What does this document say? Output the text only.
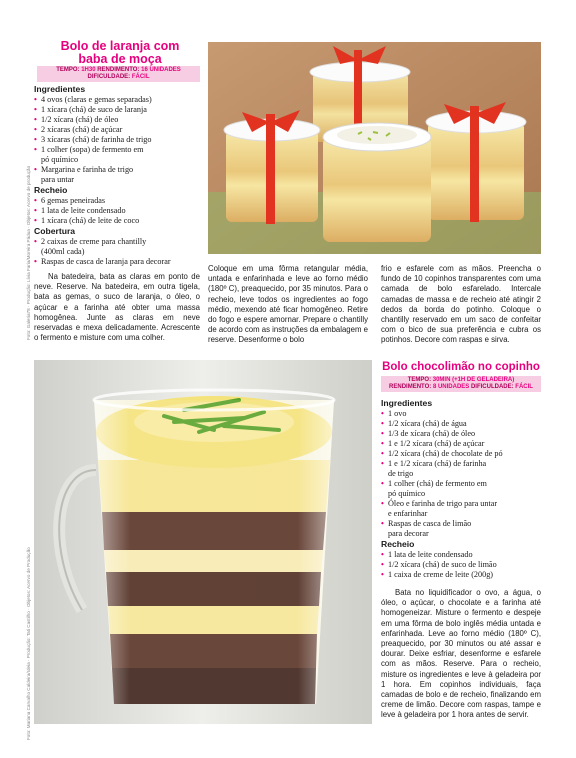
Bolo de laranja com
baba de moça
TEMPO: 1H30 RENDIMENTO: 16 UNIDADES
DIFICULDADE: FÁCIL
Ingredientes
• 4 ovos (claras e gemas separadas)
• 1 xícara (chá) de suco de laranja
• 1/2 xícara (chá) de óleo
• 2 xícaras (chá) de açúcar
• 3 xícaras (chá) de farinha de trigo
• 1 colher (sopa) de fermento em
pó químico
• Margarina e farinha de trigo
para untar
Recheio
• 6 gemas peneiradas
• 1 lata de leite condensado
• 1 xícara (chá) de leite de coco
Cobertura
• 2 caixas de creme para chantilly
(400ml cada)
• Raspas de casca de laranja para decorar
Na batedeira, bata as claras em ponto de neve. Reserve. Na batedeira, em outra tigela, bata as gemas, o suco de laranja, o óleo, o açúcar e a farinha até obter uma massa homogênea. Junte as claras em neve reservadas e mexa delicadamente. Acrescente o fermento e misture com uma colher.
Foto: Galeria78 · Produção: Lívia Faria/Moreira Pádua · Objetos: Acervo de produção	Coloque em uma fôrma retangular média, untada e enfarinhada e leve ao forno médio (180º C), preaquecido, por 35 minutos. Para o recheio, leve todos os ingredientes ao fogo médio, mexendo até ficar homogêneo. Retire do fogo e espere amornar. Prepare o chantilly de acordo com as instruções da embalagem e reserve. Desenforme o bolo
frio e esfarele com as mãos. Preencha o fundo de 10 copinhos transparentes com uma camada de bolo esfarelado. Intercale camadas de massa e de recheio até atingir 2 dedos da borda do potinho. Coloque o chantilly reservado em um saco de confeitar com o bico de sua preferência e cubra os potinhos. Decore com raspas e sirva.
Foto: Mariana Carvalho Caldeira/Ideia · Produção: Tati Castilho · Objetos: Acervo de Produção
Bolo chocolimão no copinho
TEMPO: 30MIN (+1H DE GELADEIRA)
RENDIMENTO: 8 UNIDADES DIFICULDADE: FÁCIL
Ingredientes
• 1 ovo
• 1/2 xícara (chá) de água
• 1/3 de xícara (chá) de óleo
• 1 e 1/2 xícara (chá) de açúcar
• 1/2 xícara (chá) de chocolate de pó
• 1 e 1/2 xícara (chá) de farinha
de trigo
• 1 colher (chá) de fermento em
pó químico
• Óleo e farinha de trigo para untar
e enfarinhar
• Raspas de casca de limão
para decorar
Recheio
• 1 lata de leite condensado
• 1/2 xícara (chá) de suco de limão
• 1 caixa de creme de leite (200g)
Bata no liquidificador o ovo, a água, o óleo, o açúcar, o chocolate e a farinha até homogeneizar. Misture o fermento e despeje em uma fôrma de bolo inglês média untada e enfarinhada. Leve ao forno médio (180º C), preaquecido, por 30 minutos ou até assar e dourar. Deixe esfriar, desenforme e esfarele com as mãos. Reserve. Para o recheio, misture os ingredientes e leve à geladeira por 1 hora. Em copinhos individuais, faça camadas de bolo e de recheio, finalizando em creme de limão. Decore com raspas, tampe e leve à geladeira por 1 hora antes de servir.
